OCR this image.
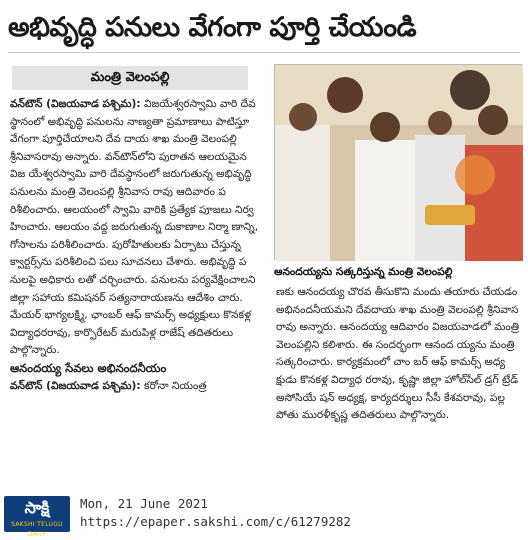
అభివృద్ధి పనులు వేగంగా పూర్తి చేయండి
మంత్రి వెలంపల్లి

వన్‌టౌన్‌ (విజయవాడ పశ్చిమ): విజయేశ్వరస్వామి వారి దేవస్థానంలో అభివృద్ధి పనులను నాణ్యతా ప్రమాణాలు పాటిస్తూ వేగంగా పూర్తిచేయాలని దేవ దాయ శాఖ మంత్రి వెలంపల్లి శ్రీనివాసరావు అన్నారు. వన్‌టౌన్‌లోని పురాతన ఆలయమైన విజ యేశ్వరస్వామి వారి దేవస్థానంలో జరుగుతున్న అభివృద్ధి పనులను మంత్రి వెలంపల్లి శ్రీనివాస రావు ఆదివారం పరిశీలించారు. ఆలయంలో స్వామి వారికి ప్రత్యేక పూజలు నిర్వహించారు. ఆలయం వద్ద జరుగుతున్న దుకాణాల నిర్మా ణాన్ని, గోసాలను పరిశీలించారు. పురోహితులకు ఏర్పాటు చేస్తున్న క్వార్టర్స్‌ను పరిశీలించి పలు సూచనలు చేశారు. అభివృద్ధి పనులపై అధికారు లతో చర్చించారు. పనులను పర్యవేక్షించాలని జిల్లా సహాయ కమిషనర్‌ సత్యనారాయణను ఆదేశిం చారు. మేయర్‌ భాగ్యలక్ష్మి, ఛాంబర్‌ ఆఫ్‌ కామర్స్‌ అధ్యక్షులు కొనకళ్ల విద్యాధరరావు, కార్పొరేటర్‌ మరుపిళ్ల రాజేష్‌ తదితరులు పాల్గొన్నారు.

ఆనందయ్య సేవలు అభినందనీయం

వన్‌టౌన్‌ (విజయవాడ పశ్చిమ): కరోనా నియంత్ర

ఆనందయ్యను సత్కరిస్తున్న మంత్రి వెలంపల్లి

ణకు ఆనందయ్య చొరవ తీసుకొని మందు తయారు చేయడం అభినందనీయమని దేవదాయ శాఖ మంత్రి వెలంపల్లి శ్రీనివాసరావు అన్నారు. ఆనందయ్య ఆదివారం విజయవాడలో మంత్రి వెలంపల్లిని కలిశారు. ఈ సందర్భంగా ఆనంద య్యను మంత్రి సత్కరించారు. కార్యక్రమంలో చాం బర్‌ ఆఫ్‌ కామర్స్‌ అధ్యక్షుడు కొనకళ్ల విద్యాధ రరావు, కృష్ణా జిల్లా హోల్‌సేల్‌ డ్రగ్‌ ట్రేడ్‌ అసోసియే షన్‌ అధ్యక్ష, కార్యదర్శులు సీసీ కేశవరావు, పల్ల పోతు మురళీకృష్ణ తదితరులు పాల్గొన్నారు.

సాక్షి
SAKSHI TELUGU DAILY
Mon, 21 June 2021
https://epaper.sakshi.com/c/61279282
